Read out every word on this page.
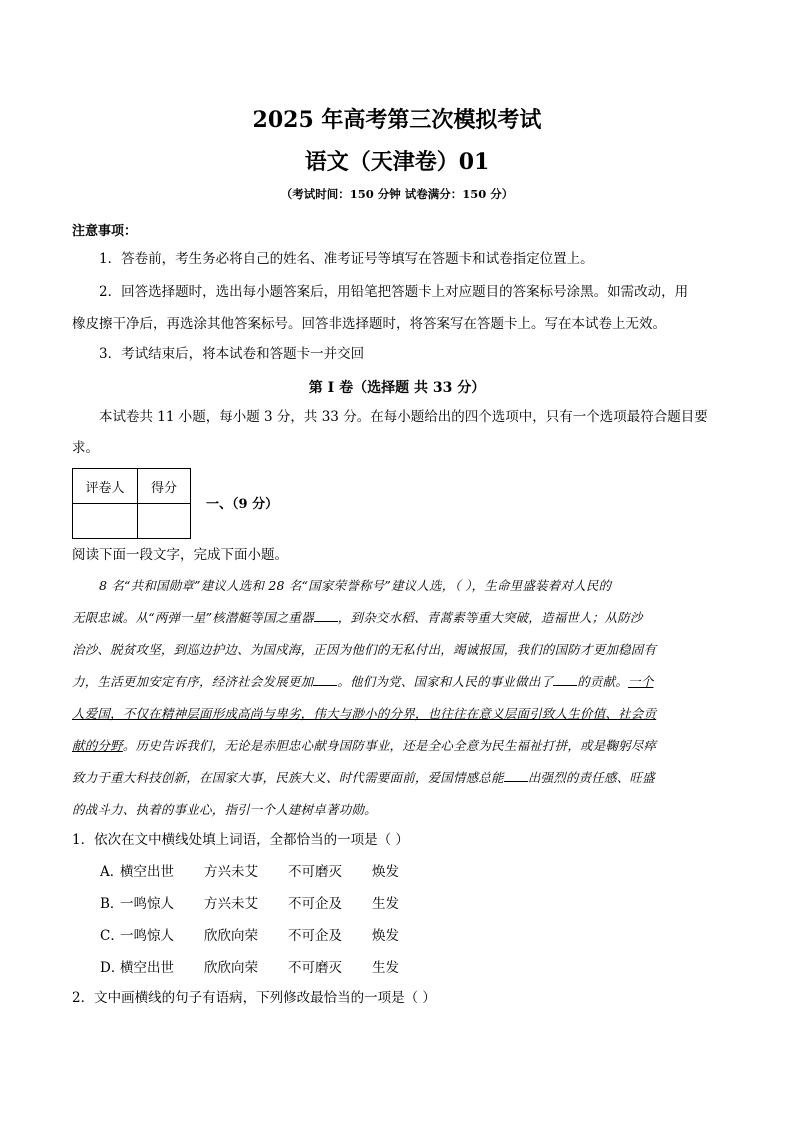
2025 年高考第三次模拟考试
语文（天津卷）01
（考试时间：150 分钟 试卷满分：150 分）
注意事项：
1．答卷前，考生务必将自己的姓名、准考证号等填写在答题卡和试卷指定位置上。
2．回答选择题时，选出每小题答案后，用铅笔把答题卡上对应题目的答案标号涂黑。如需改动，用
橡皮擦干净后，再选涂其他答案标号。回答非选择题时，将答案写在答题卡上。写在本试卷上无效。
3．考试结束后，将本试卷和答题卡一并交回
第 I 卷（选择题 共 33 分）
本试卷共 11 小题，每小题 3 分，共 33 分。在每小题给出的四个选项中，只有一个选项最符合题目要
求。
评卷人	得分

一、（9 分）
阅读下面一段文字，完成下面小题。
8 名“共和国勋章”建议人选和 28 名“国家荣誉称号”建议人选，（ ），生命里盛装着对人民的
无限忠诚。从“两弹一星”核潜艇等国之重器 ，到杂交水稻、青蒿素等重大突破，造福世人；从防沙
治沙、脱贫攻坚，到巡边护边、为国戍海，正因为他们的无私付出，竭诚报国，我们的国防才更加稳固有
力，生活更加安定有序，经济社会发展更加 。他们为党、国家和人民的事业做出了 的贡献。一个
人爱国，不仅在精神层面形成高尚与卑劣，伟大与渺小的分界，也往往在意义层面引致人生价值、社会贡
献的分野。历史告诉我们，无论是赤胆忠心献身国防事业，还是全心全意为民生福祉打拼，或是鞠躬尽瘁
致力于重大科技创新，在国家大事，民族大义、时代需要面前，爱国情感总能 出强烈的责任感、旺盛
的战斗力、执着的事业心，指引一个人建树卓著功勋。
1．依次在文中横线处填上词语，全都恰当的一项是（ ）
A．横空出世 方兴未艾 不可磨灭 焕发
B．一鸣惊人 方兴未艾 不可企及 生发
C．一鸣惊人 欣欣向荣 不可企及 焕发
D．横空出世 欣欣向荣 不可磨灭 生发
2．文中画横线的句子有语病，下列修改最恰当的一项是（ ）
